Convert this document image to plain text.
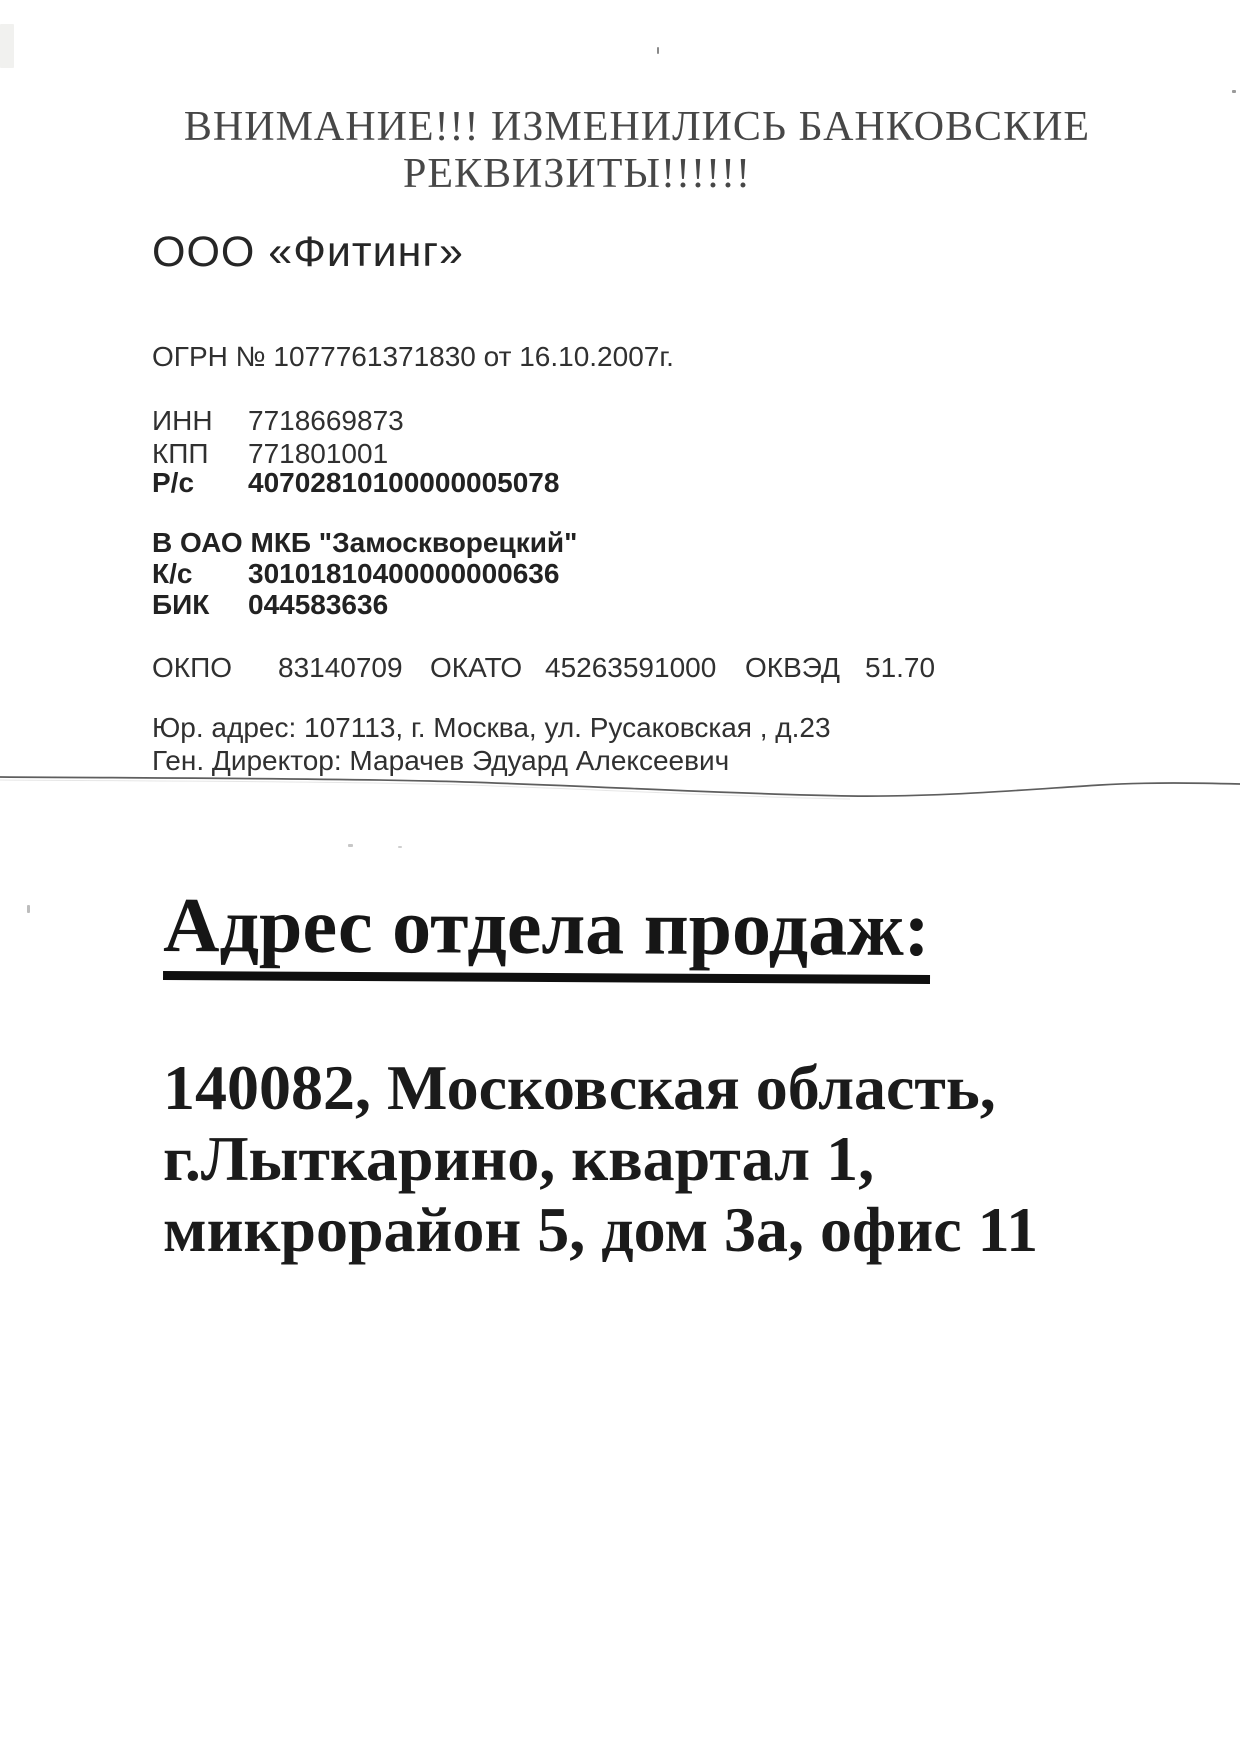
ВНИМАНИЕ!!! ИЗМЕНИЛИСЬ БАНКОВСКИЕ
РЕКВИЗИТЫ!!!!!!
ООО «Фитинг»
ОГРН № 1077761371830 от 16.10.2007г.
ИНН 7718669873
КПП 771801001
Р/с 40702810100000005078
В ОАО МКБ "Замоскворецкий"
К/с 30101810400000000636
БИК 044583636
ОКПО 83140709 ОКАТО 45263591000 ОКВЭД 51.70
Юр. адрес: 107113, г. Москва, ул. Русаковская , д.23
Ген. Директор: Марачев Эдуард Алексеевич
Адрес отдела продаж:
140082, Московская область,
г.Лыткарино, квартал 1,
микрорайон 5, дом 3а, офис 11
